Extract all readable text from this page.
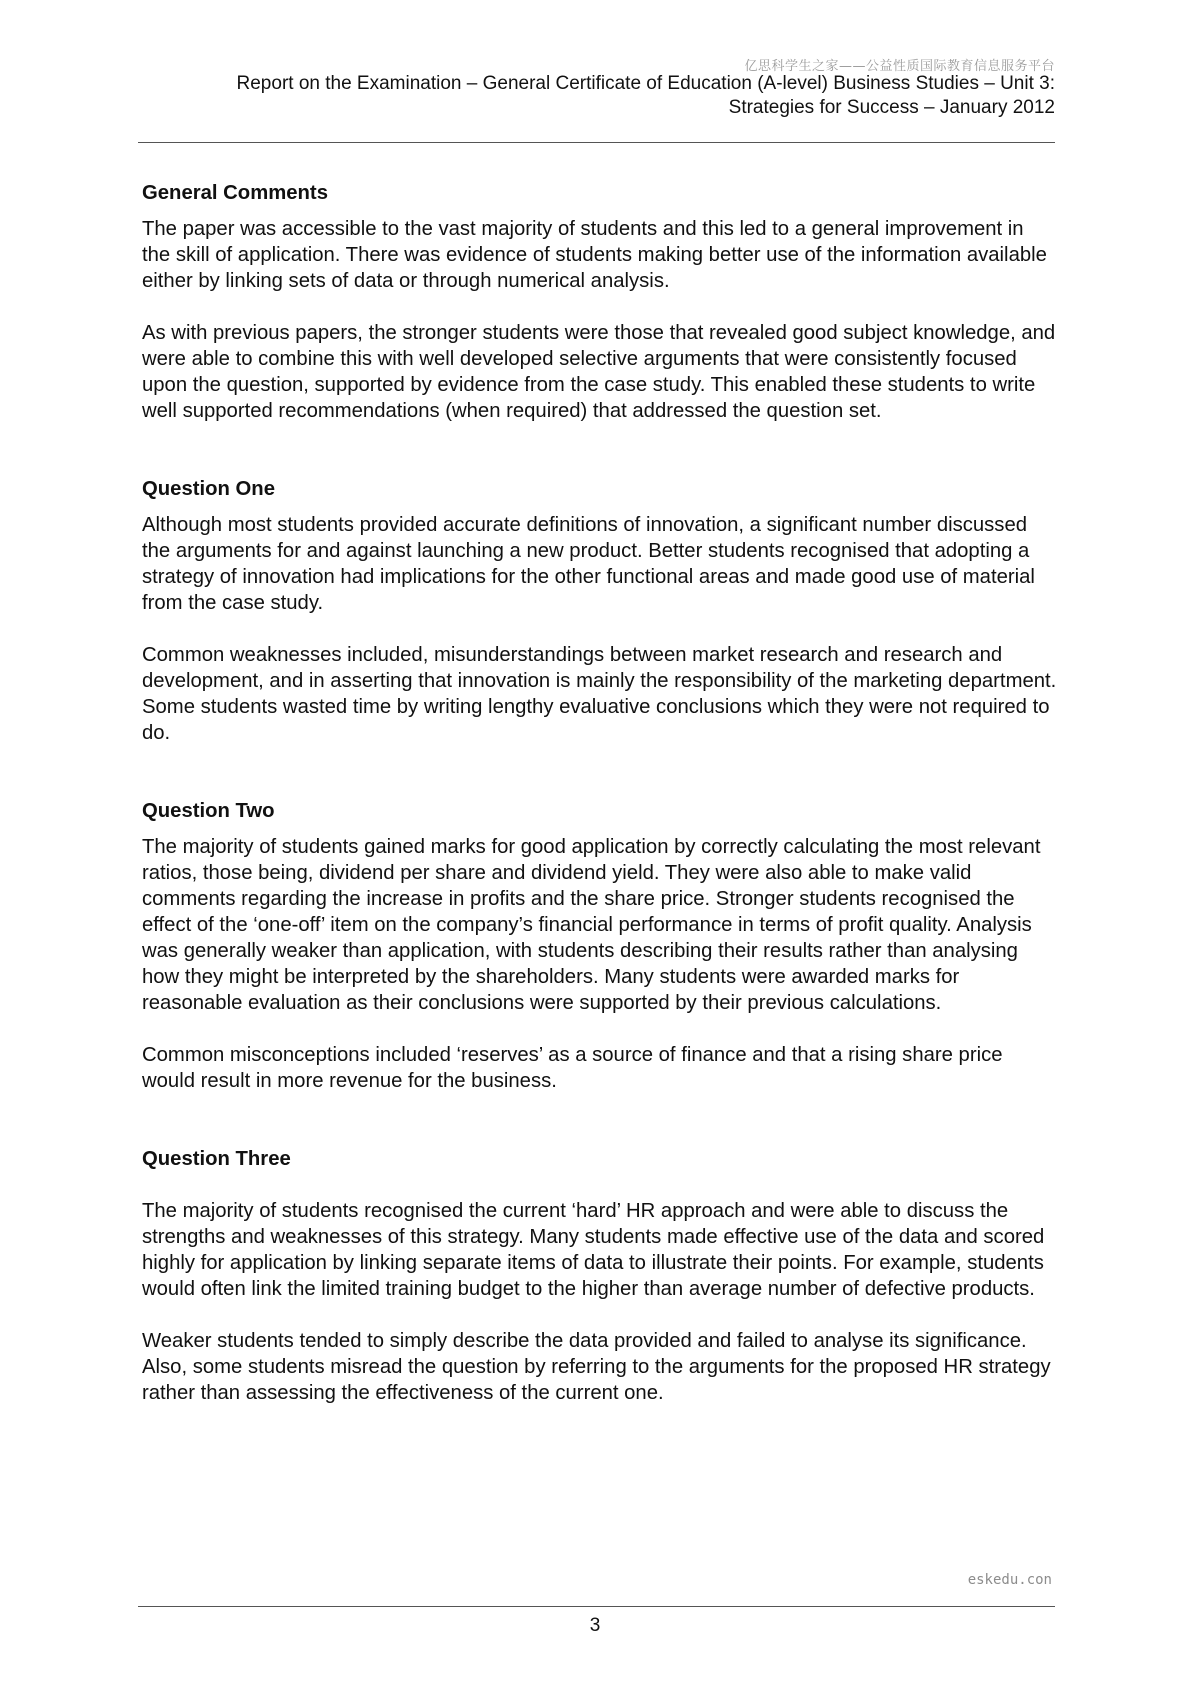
亿思科学生之家——公益性质国际教育信息服务平台
Report on the Examination – General Certificate of Education (A-level) Business Studies – Unit 3:
Strategies for Success – January 2012
General Comments

The paper was accessible to the vast majority of students and this led to a general improvement in the skill of application. There was evidence of students making better use of the information available either by linking sets of data or through numerical analysis.

As with previous papers, the stronger students were those that revealed good subject knowledge, and were able to combine this with well developed selective arguments that were consistently focused upon the question, supported by evidence from the case study. This enabled these students to write well supported recommendations (when required) that addressed the question set.

Question One

Although most students provided accurate definitions of innovation, a significant number discussed the arguments for and against launching a new product. Better students recognised that adopting a strategy of innovation had implications for the other functional areas and made good use of material from the case study.

Common weaknesses included, misunderstandings between market research and research and development, and in asserting that innovation is mainly the responsibility of the marketing department. Some students wasted time by writing lengthy evaluative conclusions which they were not required to do.

Question Two

The majority of students gained marks for good application by correctly calculating the most relevant ratios, those being, dividend per share and dividend yield. They were also able to make valid comments regarding the increase in profits and the share price. Stronger students recognised the effect of the ‘one-off’ item on the company’s financial performance in terms of profit quality. Analysis was generally weaker than application, with students describing their results rather than analysing how they might be interpreted by the shareholders. Many students were awarded marks for reasonable evaluation as their conclusions were supported by their previous calculations.

Common misconceptions included ‘reserves’ as a source of finance and that a rising share price would result in more revenue for the business.

Question Three

The majority of students recognised the current ‘hard’ HR approach and were able to discuss the strengths and weaknesses of this strategy. Many students made effective use of the data and scored highly for application by linking separate items of data to illustrate their points. For example, students would often link the limited training budget to the higher than average number of defective products.

Weaker students tended to simply describe the data provided and failed to analyse its significance. Also, some students misread the question by referring to the arguments for the proposed HR strategy rather than assessing the effectiveness of the current one.

eskedu.con
3
